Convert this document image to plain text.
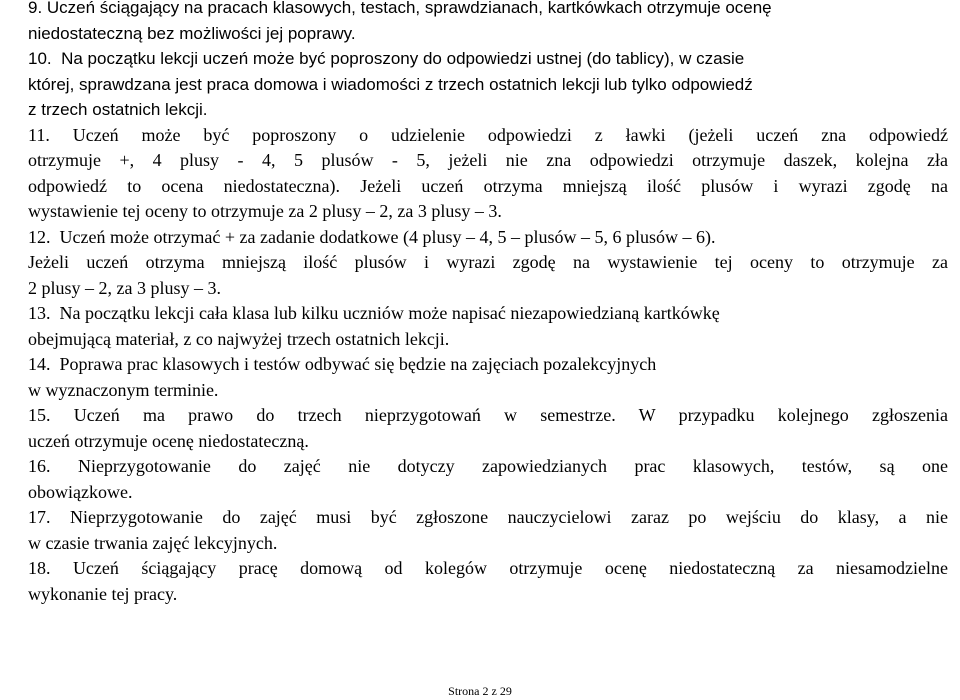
9. Uczeń ściągający na pracach klasowych, testach, sprawdzianach, kartkówkach otrzymuje ocenę
niedostateczną bez możliwości jej poprawy.
10.  Na początku lekcji uczeń może być poproszony do odpowiedzi ustnej (do tablicy), w czasie
której, sprawdzana jest praca domowa i wiadomości z trzech ostatnich lekcji lub tylko odpowiedź
z trzech ostatnich lekcji.
11. Uczeń może być poproszony o udzielenie odpowiedzi z ławki (jeżeli uczeń zna odpowiedź
otrzymuje +, 4 plusy - 4, 5 plusów - 5, jeżeli nie zna odpowiedzi otrzymuje daszek, kolejna zła
odpowiedź to ocena niedostateczna). Jeżeli uczeń otrzyma mniejszą ilość plusów i wyrazi zgodę na
wystawienie tej oceny to otrzymuje za 2 plusy – 2, za 3 plusy – 3.
12.  Uczeń może otrzymać + za zadanie dodatkowe (4 plusy – 4, 5 – plusów – 5, 6 plusów – 6).
Jeżeli uczeń otrzyma mniejszą ilość plusów i wyrazi zgodę na wystawienie tej oceny to otrzymuje za
2 plusy – 2, za 3 plusy – 3.
13.  Na początku lekcji cała klasa lub kilku uczniów może napisać niezapowiedzianą kartkówkę
obejmującą materiał, z co najwyżej trzech ostatnich lekcji.
14.  Poprawa prac klasowych i testów odbywać się będzie na zajęciach pozalekcyjnych
w wyznaczonym terminie.
15. Uczeń ma prawo do trzech nieprzygotowań w semestrze. W przypadku kolejnego zgłoszenia
uczeń otrzymuje ocenę niedostateczną.
16. Nieprzygotowanie do zajęć nie dotyczy zapowiedzianych prac klasowych, testów, są one
obowiązkowe.
17. Nieprzygotowanie do zajęć musi być zgłoszone nauczycielowi zaraz po wejściu do klasy, a nie
w czasie trwania zajęć lekcyjnych.
18. Uczeń ściągający pracę domową od kolegów otrzymuje ocenę niedostateczną za niesamodzielne
wykonanie tej pracy.
Strona 2 z 29
